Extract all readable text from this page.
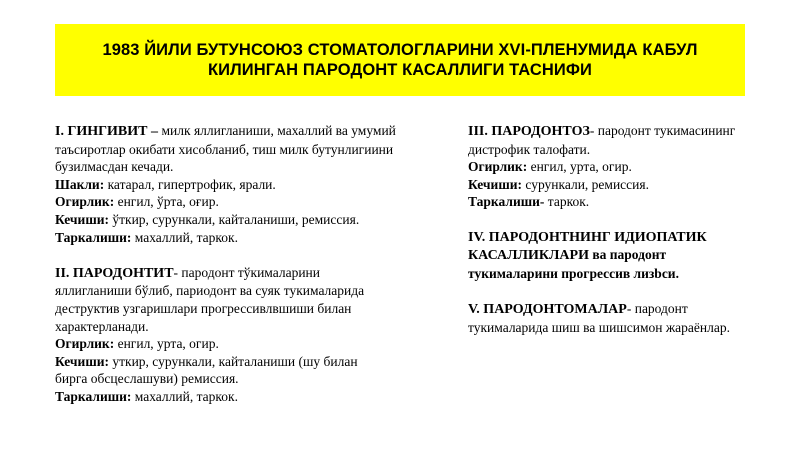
1983 ЙИЛИ БУТУНСОЮЗ СТОМАТОЛОГЛАРИНИ XVI-ПЛЕНУМИДА КАБУЛ
КИЛИНГАН ПАРОДОНТ КАСАЛЛИГИ ТАСНИФИ
I. ГИНГИВИТ – милк яллигланиши, махаллий ва умумий
таъсиротлар окибати хисобланиб, тиш милк бутунлигиини
бузилмасдан кечади.
Шакли: катарал, гипертрофик, ярали.
Огирлик: енгил, ўрта, оғир.
Кечиши: ўткир, сурункали, кайталаниши, ремиссия.
Таркалиши: махаллий, таркок.
II. ПАРОДОНТИТ- пародонт тўкималарини
яллигланиши бўлиб, париодонт ва суяк тукималарида
деструктив узгаришлари прогрессивлвшиши билан
характерланади.
Огирлик: енгил, урта, огир.
Кечиши: уткир, сурункали, кайталаниши (шу билан
бирга обсцеслашуви) ремиссия.
Таркалиши: махаллий, таркок.
III. ПАРОДОНТОЗ- пародонт тукимасининг
дистрофик талофати.
Огирлик: енгил, урта, огир.
Кечиши: сурункали, ремиссия.
Таркалиши- таркок.
IV. ПАРОДОНТНИНГ ИДИОПАТИК
КАСАЛЛИКЛАРИ ва пародонт
тукималарини прогрессив лизbси.
V. ПАРОДОНТОМАЛАР- пародонт
тукималарида шиш ва шишсимон жараёнлар.
